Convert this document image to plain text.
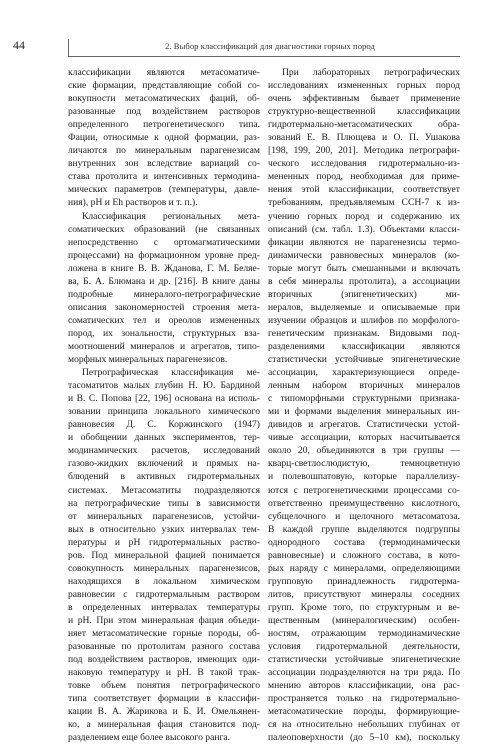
44	2. Выбор классификаций для диагностики горных пород
классификации являются метасоматиче-
ские формации, представляющие собой со-
вокупности метасоматических фаций, об-
разованные под воздействием растворов
определенного петрогенетического типа.
Фации, относимые к одной формации, раз-
личаются по минеральным парагенезисам
внутренних зон вследствие вариаций со-
става протолита и интенсивных термодина-
мических параметров (температуры, давле-
ния), pH и Eh растворов и т. п.).
Классификация региональных мета-
соматических образований (не связанных
непосредственно с ортомагматическими
процессами) на формационном уровне пред-
ложена в книге В. В. Жданова, Г. М. Беляе-
ва, Б. А. Блюмана и др. [216]. В книге даны
подробные минералого-петрографические
описания закономерностей строения мета-
соматических тел и ореолов измененных
пород, их зональности, структурных вза-
моотношений минералов и агрегатов, типо-
морфных минеральных парагенезисов.
Петрографическая классификация ме-
тасоматитов малых глубин Н. Ю. Бардиной
и В. С. Попова [22, 196] основана на исполь-
зовании принципа локального химического
равновесия Д. С. Коржинского (1947)
и обобщении данных экспериментов, тер-
модинамических расчетов, исследований
газово-жидких включений и прямых на-
блюдений в активных гидротермальных
системах. Метасоматиты подразделяются
на петрографические типы в зависимости
от минеральных парагенезисов, устойчи-
вых в относительно узких интервалах тем-
пературы и pH гидротермальных раство-
ров. Под минеральной фацией понимается
совокупность минеральных парагенезисов,
находящихся в локальном химическом
равновесии с гидротермальным раствором
в определенных интервалах температуры
и pH. При этом минеральная фация объеди-
няет метасоматические горные породы, об-
разованные по протолитам разного состава
под воздействием растворов, имеющих оди-
наковую температуру и pH. В такой трак-
товке объем понятия петрографического
типа соответствует формации в классифи-
кации В. А. Жариковa и Б. И. Омельянен-
ко, а минеральная фация становится под-
разделением еще более высокого ранга.
При лабораторных петрографических
исследованиях измененных горных пород
очень эффективным бывает применение
структурно-вещественной классификации
гидротермально-метасоматических обра-
зований Е. В. Плющева и О. П. Ушакова
[198, 199, 200, 201]. Методика петрографи-
ческого исследования гидротермально-из-
мененных пород, необходимая для приме-
нения этой классификации, соответствует
требованиям, предъявляемым ССН-7 к из-
учению горных пород и содержанию их
описаний (см. табл. 1.3). Объектами класси-
фикации являются не парагенезисы термо-
динамически равновесных минералов (ко-
торые могут быть смешанными и включать
в себя минералы протолита), а ассоциации
вторичных (эпигенетических) ми-
нералов, выделяемые и описываемые при
изучении образцов и шлифов по морфолого-
генетическим признакам. Видовыми под-
разделениями классификации являются
статистически устойчивые эпигенетические
ассоциации, характеризующиеся опреде-
ленным набором вторичных минералов
с типоморфными структурными признака-
ми и формами выделения минеральных ин-
дивидов и агрегатов. Статистически устой-
чивые ассоциации, которых насчитывается
около 20, объединяются в три группы —
кварц-светлослюдистую, темноцветную
и полевошпатовую, которые параллелизу-
ются с петрогенетическими процессами со-
ответственно преимущественно кислотного,
субщелочного и щелочного метасоматоза.
В каждой группе выделяются подгруппы
однородного состава (термодинамически
равновесные) и сложного состава, в кото-
рых наряду с минералами, определяющими
групповую принадлежность гидротерма-
литов, присутствуют минералы соседних
групп. Кроме того, по структурным и ве-
щественным (минералогическим) особен-
ностям, отражающим термодинамические
условия гидротермальной деятельности,
статистически устойчивые эпигенетические
ассоциации подразделяются на три ряда. По
мнению авторов классификации, она рас-
пространяется только на гидротермально-
метасоматические породы, формирующие-
ся на относительно небольших глубинах от
палеоповерхности (до 5–10 км), поскольку
